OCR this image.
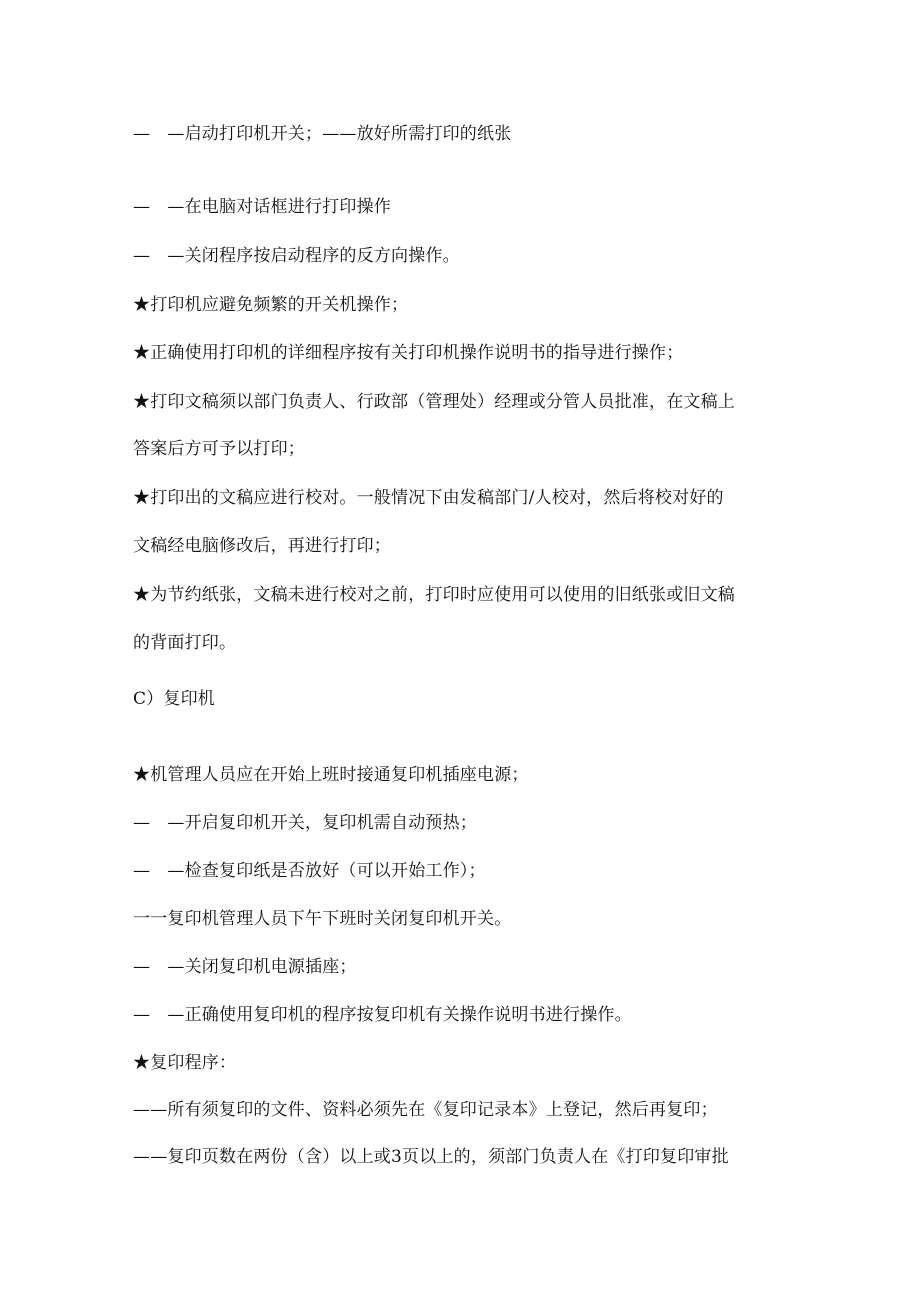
—　—启动打印机开关；——放好所需打印的纸张
—　—在电脑对话框进行打印操作
—　—关闭程序按启动程序的反方向操作。
★打印机应避免频繁的开关机操作；
★正确使用打印机的详细程序按有关打印机操作说明书的指导进行操作；
★打印文稿须以部门负责人、行政部（管理处）经理或分管人员批准，在文稿上
答案后方可予以打印；
★打印出的文稿应进行校对。一般情况下由发稿部门/人校对，然后将校对好的
文稿经电脑修改后，再进行打印；
★为节约纸张，文稿未进行校对之前，打印时应使用可以使用的旧纸张或旧文稿
的背面打印。
C）复印机
★机管理人员应在开始上班时接通复印机插座电源；
—　—开启复印机开关，复印机需自动预热；
—　—检查复印纸是否放好（可以开始工作）；
一一复印机管理人员下午下班时关闭复印机开关。
—　—关闭复印机电源插座；
—　—正确使用复印机的程序按复印机有关操作说明书进行操作。
★复印程序：
——所有须复印的文件、资料必须先在《复印记录本》上登记，然后再复印；
——复印页数在两份（含）以上或3页以上的，须部门负责人在《打印复印审批
